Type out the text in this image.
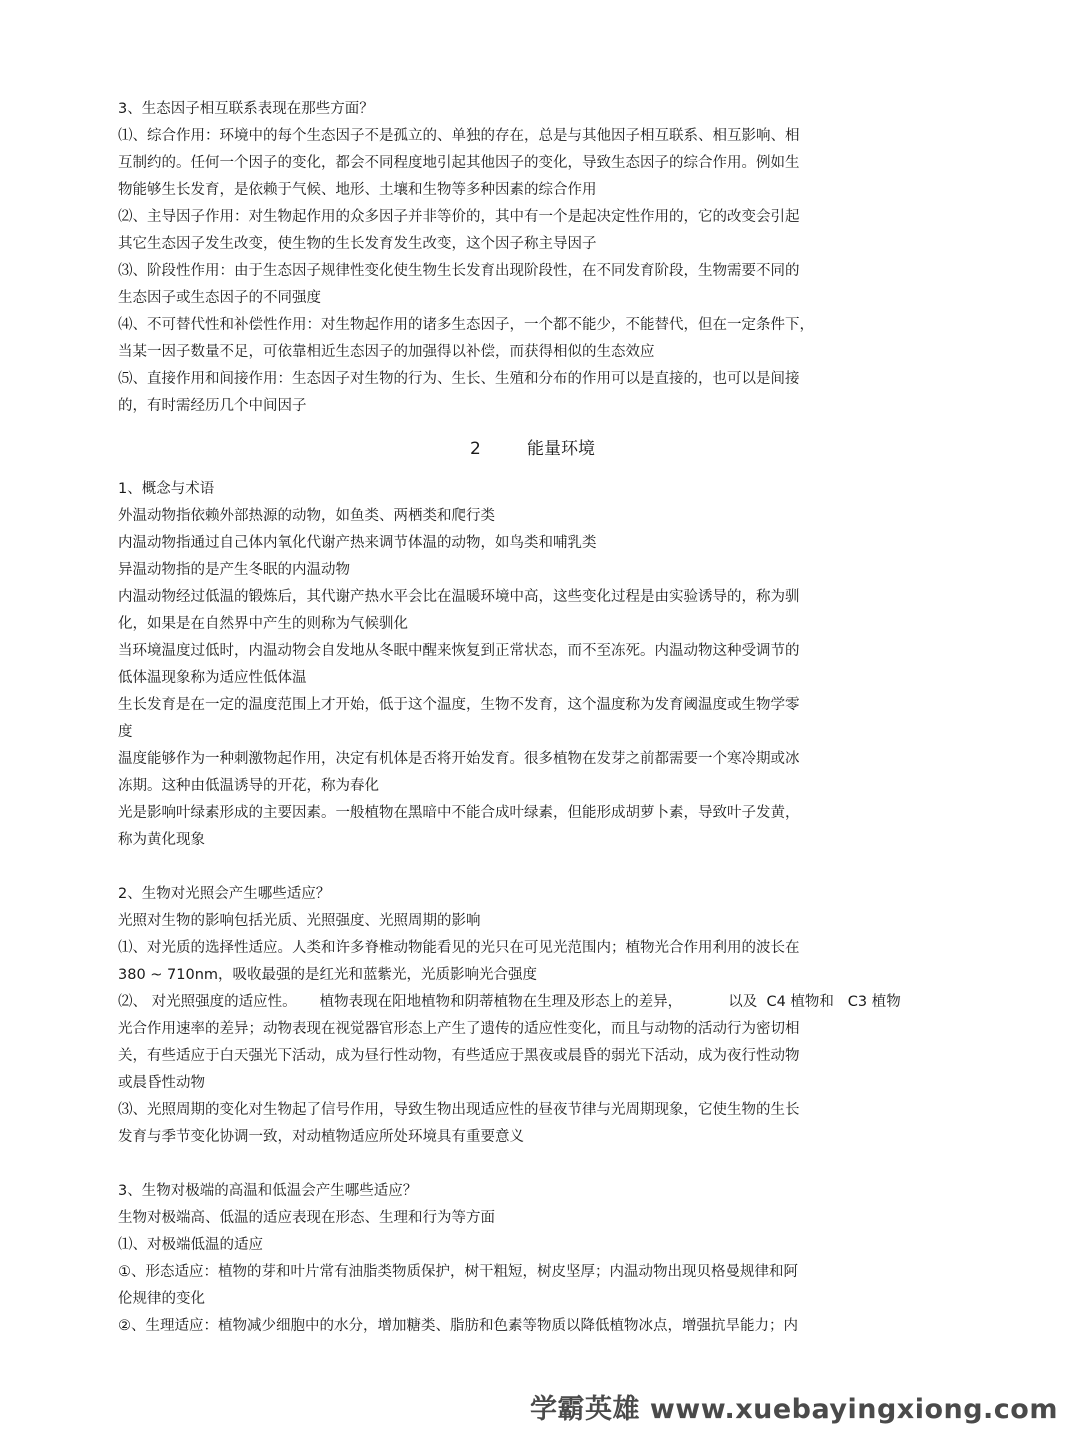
3、生态因子相互联系表现在那些方面？
⑴、综合作用：环境中的每个生态因子不是孤立的、单独的存在，总是与其他因子相互联系、相互影响、相
互制约的。任何一个因子的变化，都会不同程度地引起其他因子的变化，导致生态因子的综合作用。例如生
物能够生长发育，是依赖于气候、地形、土壤和生物等多种因素的综合作用
⑵、主导因子作用：对生物起作用的众多因子并非等价的，其中有一个是起决定性作用的，它的改变会引起
其它生态因子发生改变，使生物的生长发育发生改变，这个因子称主导因子
⑶、阶段性作用：由于生态因子规律性变化使生物生长发育出现阶段性，在不同发育阶段，生物需要不同的
生态因子或生态因子的不同强度
⑷、不可替代性和补偿性作用：对生物起作用的诸多生态因子，一个都不能少，不能替代，但在一定条件下，
当某一因子数量不足，可依靠相近生态因子的加强得以补偿，而获得相似的生态效应
⑸、直接作用和间接作用：生态因子对生物的行为、生长、生殖和分布的作用可以是直接的，也可以是间接
的，有时需经历几个中间因子
2	能量环境
1、概念与术语
外温动物指依赖外部热源的动物，如鱼类、两栖类和爬行类
内温动物指通过自己体内氧化代谢产热来调节体温的动物，如鸟类和哺乳类
异温动物指的是产生冬眠的内温动物
内温动物经过低温的锻炼后，其代谢产热水平会比在温暖环境中高，这些变化过程是由实验诱导的，称为驯
化，如果是在自然界中产生的则称为气候驯化
当环境温度过低时，内温动物会自发地从冬眠中醒来恢复到正常状态，而不至冻死。内温动物这种受调节的
低体温现象称为适应性低体温
生长发育是在一定的温度范围上才开始，低于这个温度，生物不发育，这个温度称为发育阈温度或生物学零
度
温度能够作为一种刺激物起作用，决定有机体是否将开始发育。很多植物在发芽之前都需要一个寒冷期或冰
冻期。这种由低温诱导的开花，称为春化
光是影响叶绿素形成的主要因素。一般植物在黑暗中不能合成叶绿素，但能形成胡萝卜素，导致叶子发黄，
称为黄化现象
2、生物对光照会产生哪些适应？
光照对生物的影响包括光质、光照强度、光照周期的影响
⑴、对光质的选择性适应。人类和许多脊椎动物能看见的光只在可见光范围内；植物光合作用利用的波长在
380 ~ 710nm，吸收最强的是红光和蓝紫光，光质影响光合强度
⑵、 对光照强度的适应性。     植物表现在阳地植物和阴蒂植物在生理及形态上的差异，          以及  C4 植物和   C3 植物
光合作用速率的差异；动物表现在视觉器官形态上产生了遗传的适应性变化，而且与动物的活动行为密切相
关，有些适应于白天强光下活动，成为昼行性动物，有些适应于黑夜或晨昏的弱光下活动，成为夜行性动物
或晨昏性动物
⑶、光照周期的变化对生物起了信号作用，导致生物出现适应性的昼夜节律与光周期现象，它使生物的生长
发育与季节变化协调一致，对动植物适应所处环境具有重要意义
3、生物对极端的高温和低温会产生哪些适应？
生物对极端高、低温的适应表现在形态、生理和行为等方面
⑴、对极端低温的适应
①、形态适应：植物的芽和叶片常有油脂类物质保护，树干粗短，树皮坚厚；内温动物出现贝格曼规律和阿
伦规律的变化
②、生理适应：植物减少细胞中的水分，增加糖类、脂肪和色素等物质以降低植物冰点，增强抗旱能力；内
学霸英雄 www.xuebayingxiong.com
